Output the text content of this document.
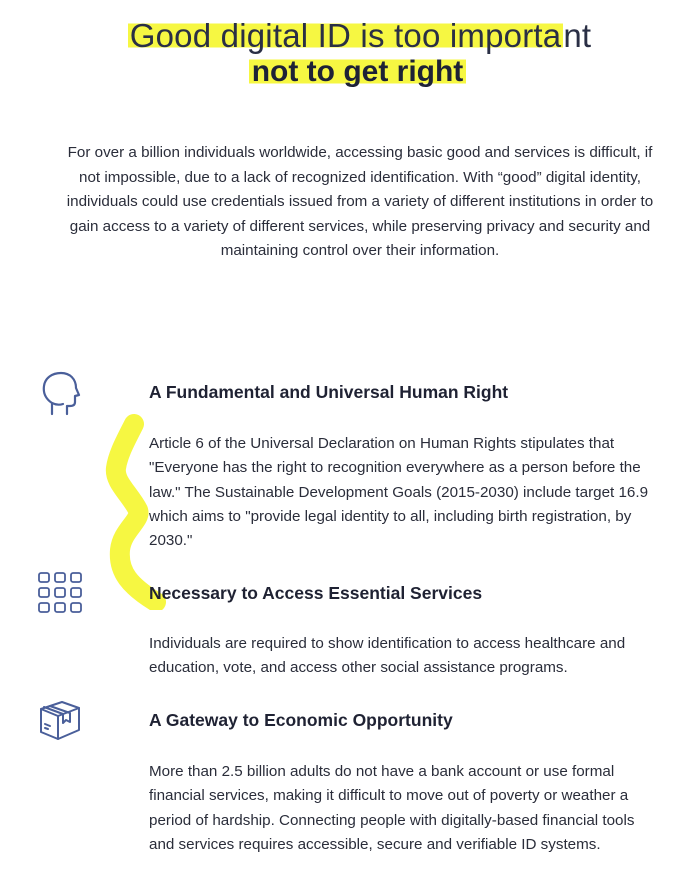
Good digital ID is too important
not to get right

For over a billion individuals worldwide, accessing basic good and services is difficult, if not impossible, due to a lack of recognized identification. With “good” digital identity, individuals could use credentials issued from a variety of different institutions in order to gain access to a variety of different services, while preserving privacy and security and maintaining control over their information.

A Fundamental and Universal Human Right
Article 6 of the Universal Declaration on Human Rights stipulates that "Everyone has the right to recognition everywhere as a person before the law." The Sustainable Development Goals (2015-2030) include target 16.9 which aims to "provide legal identity to all, including birth registration, by 2030."
Necessary to Access Essential Services
Individuals are required to show identification to access healthcare and education, vote, and access other social assistance programs.
A Gateway to Economic Opportunity
More than 2.5 billion adults do not have a bank account or use formal financial services, making it difficult to move out of poverty or weather a period of hardship. Connecting people with digitally-based financial tools and services requires accessible, secure and verifiable ID systems.
